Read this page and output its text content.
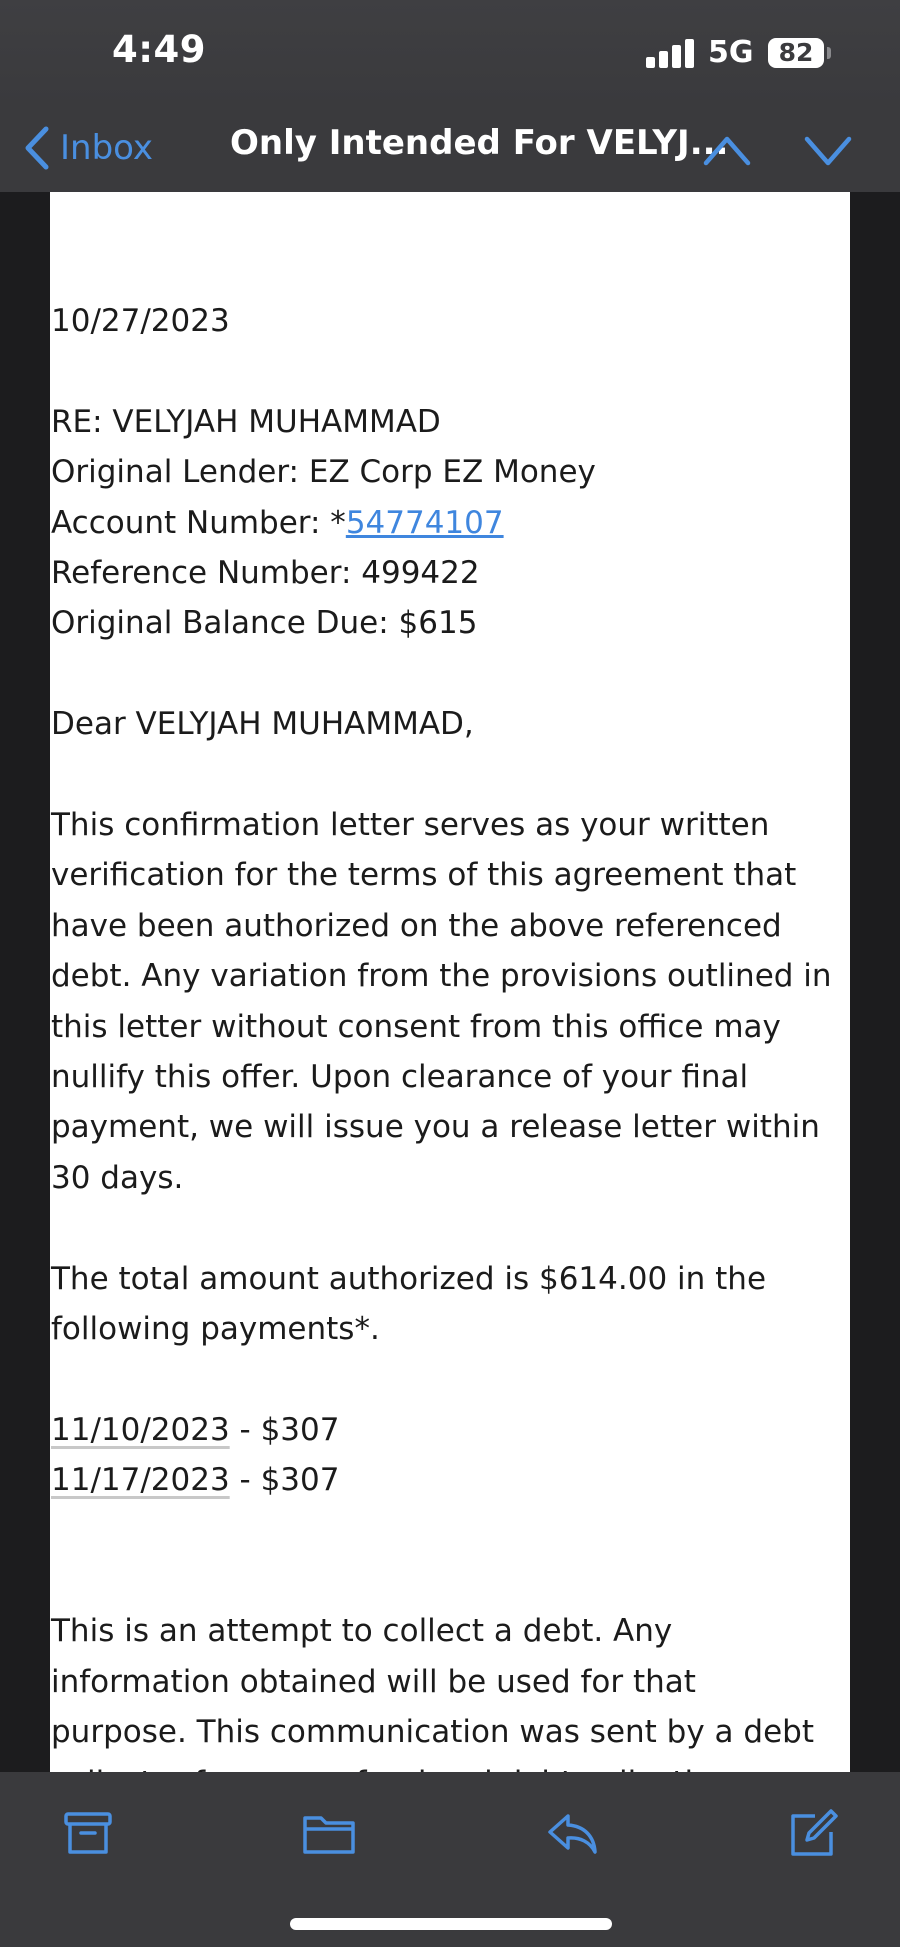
4:49	5G	82
Inbox Only Intended For VELYJ...

10/27/2023

RE: VELYJAH MUHAMMAD

Original Lender: EZ Corp EZ Money

Account Number: *54774107

Reference Number: 499422

Original Balance Due: $615

Dear VELYJAH MUHAMMAD,

This confirmation letter serves as your written

verification for the terms of this agreement that

have been authorized on the above referenced

debt. Any variation from the provisions outlined in

this letter without consent from this office may

nullify this offer. Upon clearance of your final

payment, we will issue you a release letter within

30 days.

The total amount authorized is $614.00 in the

following payments*.

11/10/2023 - $307

11/17/2023 - $307

This is an attempt to collect a debt. Any

information obtained will be used for that

purpose. This communication was sent by a debt
